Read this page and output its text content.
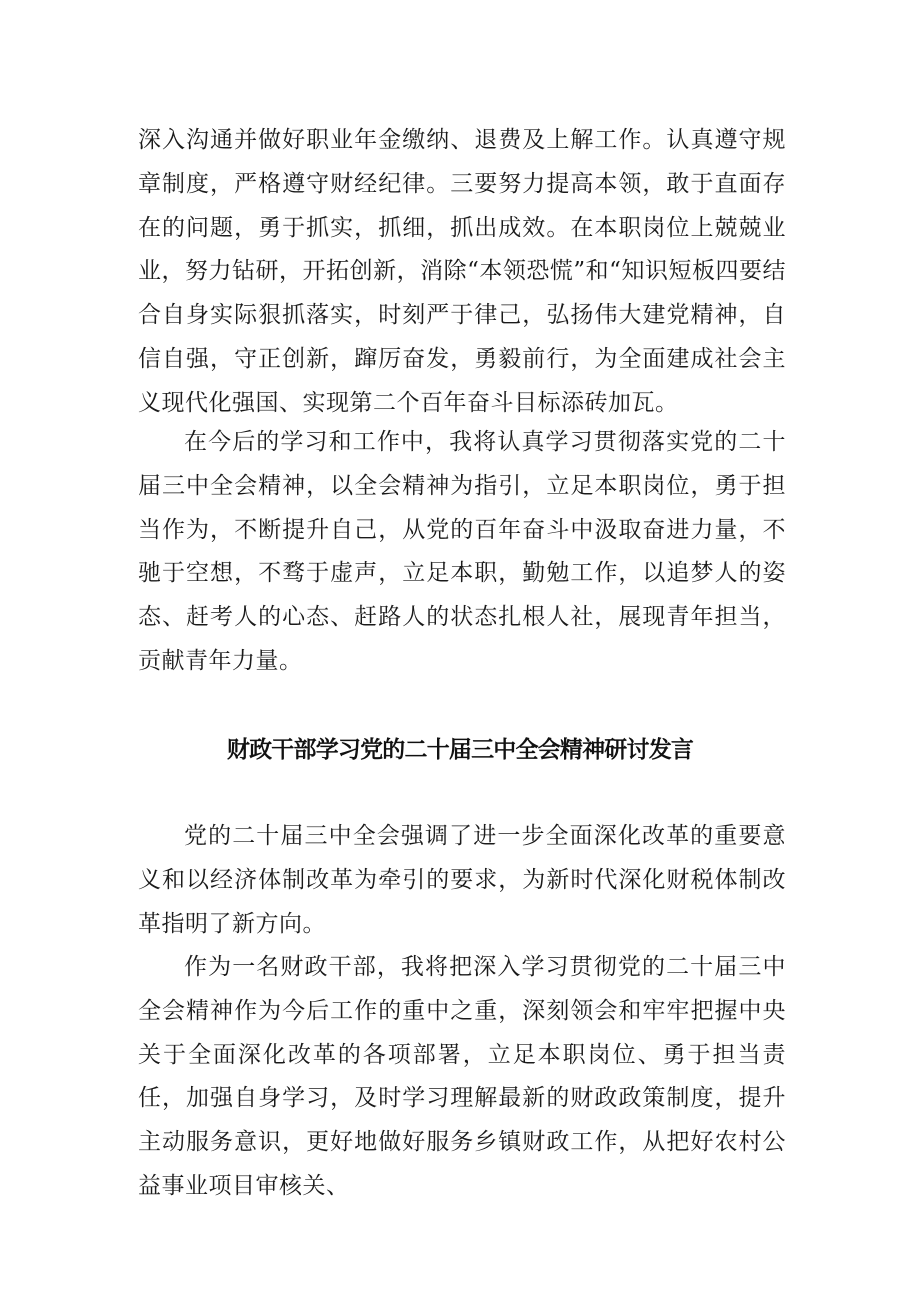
深入沟通并做好职业年金缴纳、退费及上解工作。认真遵守规章制度，严格遵守财经纪律。三要努力提高本领，敢于直面存在的问题，勇于抓实，抓细，抓出成效。在本职岗位上兢兢业业，努力钻研，开拓创新，消除“本领恐慌”和“知识短板四要结合自身实际狠抓落实，时刻严于律己，弘扬伟大建党精神，自信自强，守正创新，蹿厉奋发，勇毅前行，为全面建成社会主义现代化强国、实现第二个百年奋斗目标添砖加瓦。

在今后的学习和工作中，我将认真学习贯彻落实党的二十届三中全会精神，以全会精神为指引，立足本职岗位，勇于担当作为，不断提升自己，从党的百年奋斗中汲取奋进力量，不驰于空想，不骛于虚声，立足本职，勤勉工作，以追梦人的姿态、赶考人的心态、赶路人的状态扎根人社，展现青年担当，贡献青年力量。

财政干部学习党的二十届三中全会精神研讨发言

党的二十届三中全会强调了进一步全面深化改革的重要意义和以经济体制改革为牵引的要求，为新时代深化财税体制改革指明了新方向。

作为一名财政干部，我将把深入学习贯彻党的二十届三中全会精神作为今后工作的重中之重，深刻领会和牢牢把握中央关于全面深化改革的各项部署，立足本职岗位、勇于担当责任，加强自身学习，及时学习理解最新的财政政策制度，提升主动服务意识，更好地做好服务乡镇财政工作，从把好农村公益事业项目审核关、
